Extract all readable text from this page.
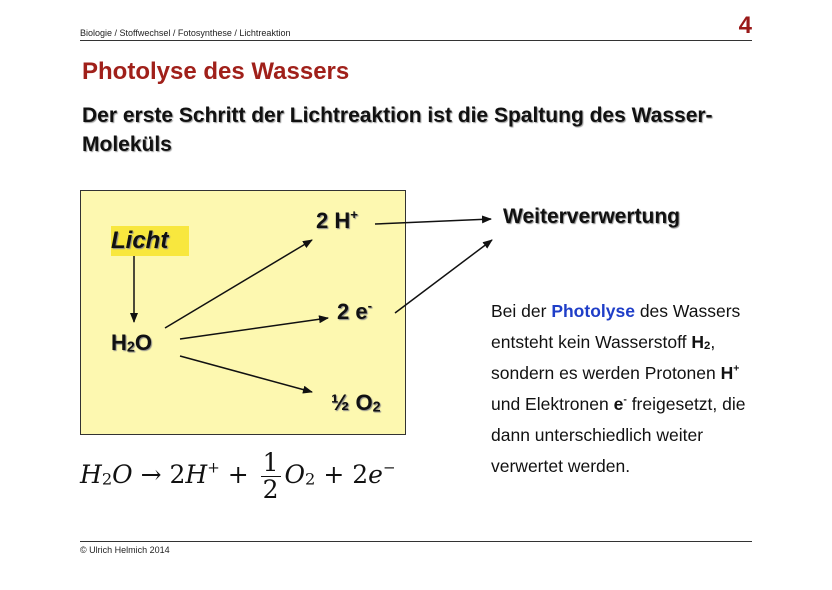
Biologie / Stoffwechsel / Fotosynthese / Lichtreaktion	4
Photolyse des Wassers
Der erste Schritt der Lichtreaktion ist die Spaltung des Wasser-Moleküls
Licht
$H_2O$
2 H+
2 e-
½ $O_2$
Weiterverwertung
Bei der Photolyse des Wassers entsteht kein Wasserstoff $H_2$, sondern es werden Protonen H+ und Elektronen e- freigesetzt, die dann unterschiedlich weiter verwertet werden.
$H_2O \to 2H^+ + \frac{1}{2} O_2 + 2e^-$
© Ulrich Helmich 2014
